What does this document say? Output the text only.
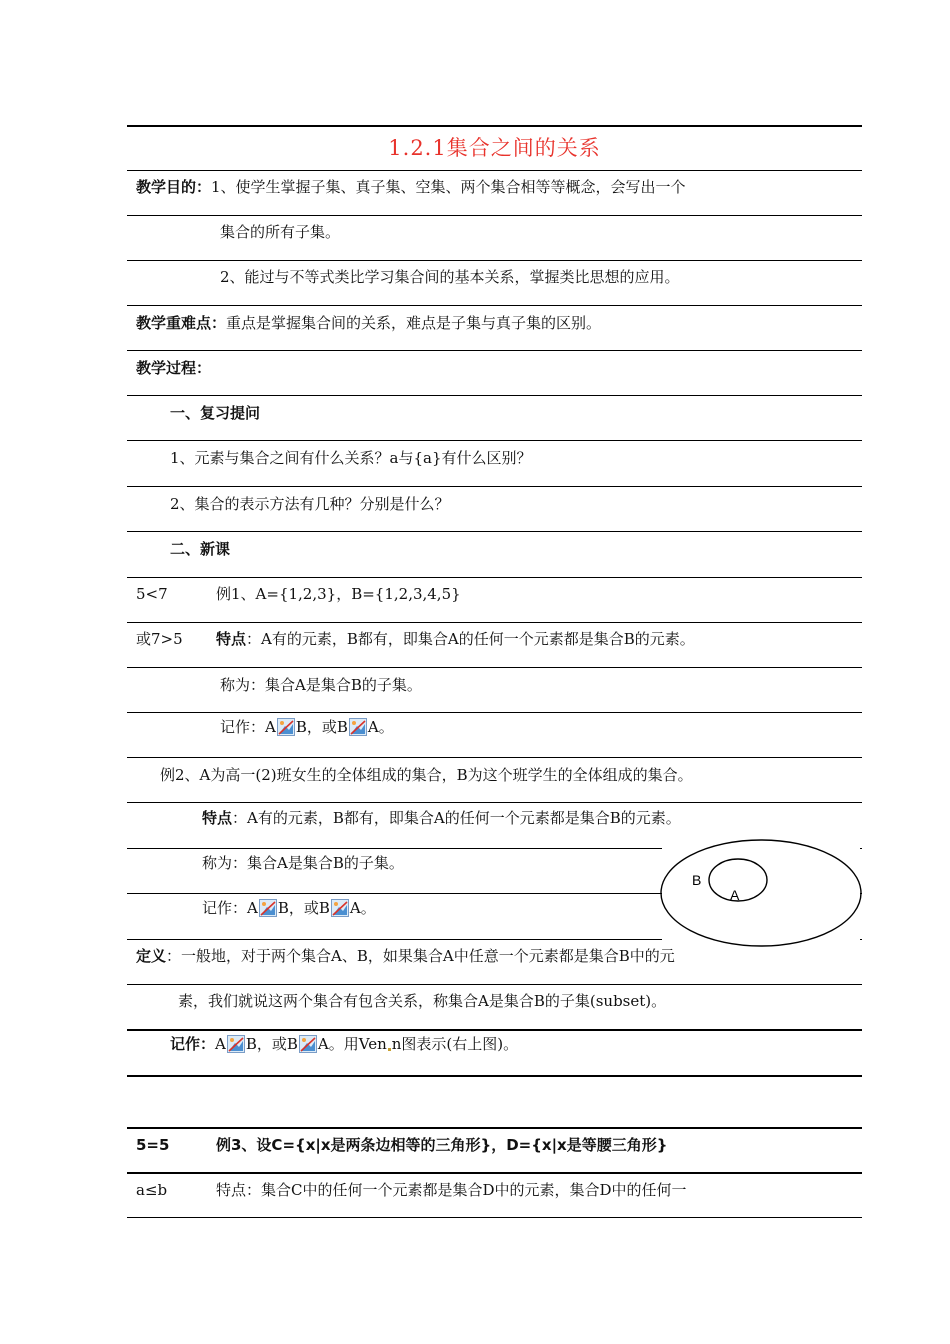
1.2.1集合之间的关系
教学目的：1、使学生掌握子集、真子集、空集、两个集合相等等概念，会写出一个
集合的所有子集。
2、能过与不等式类比学习集合间的基本关系，掌握类比思想的应用。
教学重难点：重点是掌握集合间的关系，难点是子集与真子集的区别。
教学过程：
一、复习提问
1、元素与集合之间有什么关系？a与{a}有什么区别？
2、集合的表示方法有几种？分别是什么？
二、新课
5<7	例1、A={1,2,3}，B={1,2,3,4,5}
或7>5 特点：A有的元素，B都有，即集合A的任何一个元素都是集合B的元素。
称为：集合A是集合B的子集。
记作：A B，或B A。
例2、A为高一(2)班女生的全体组成的集合，B为这个班学生的全体组成的集合。
特点：A有的元素，B都有，即集合A的任何一个元素都是集合B的元素。
称为：集合A是集合B的子集。
记作：A B，或B A。
B
A
定义：一般地，对于两个集合A、B，如果集合A中任意一个元素都是集合B中的元
素，我们就说这两个集合有包含关系，称集合A是集合B的子集(subset)。
记作：A B，或B A。用Ven n图表示(右上图)。
5=5	例3、设C={x|x是两条边相等的三角形}，D={x|x是等腰三角形}
a≤b	特点：集合C中的任何一个元素都是集合D中的元素，集合D中的任何一
